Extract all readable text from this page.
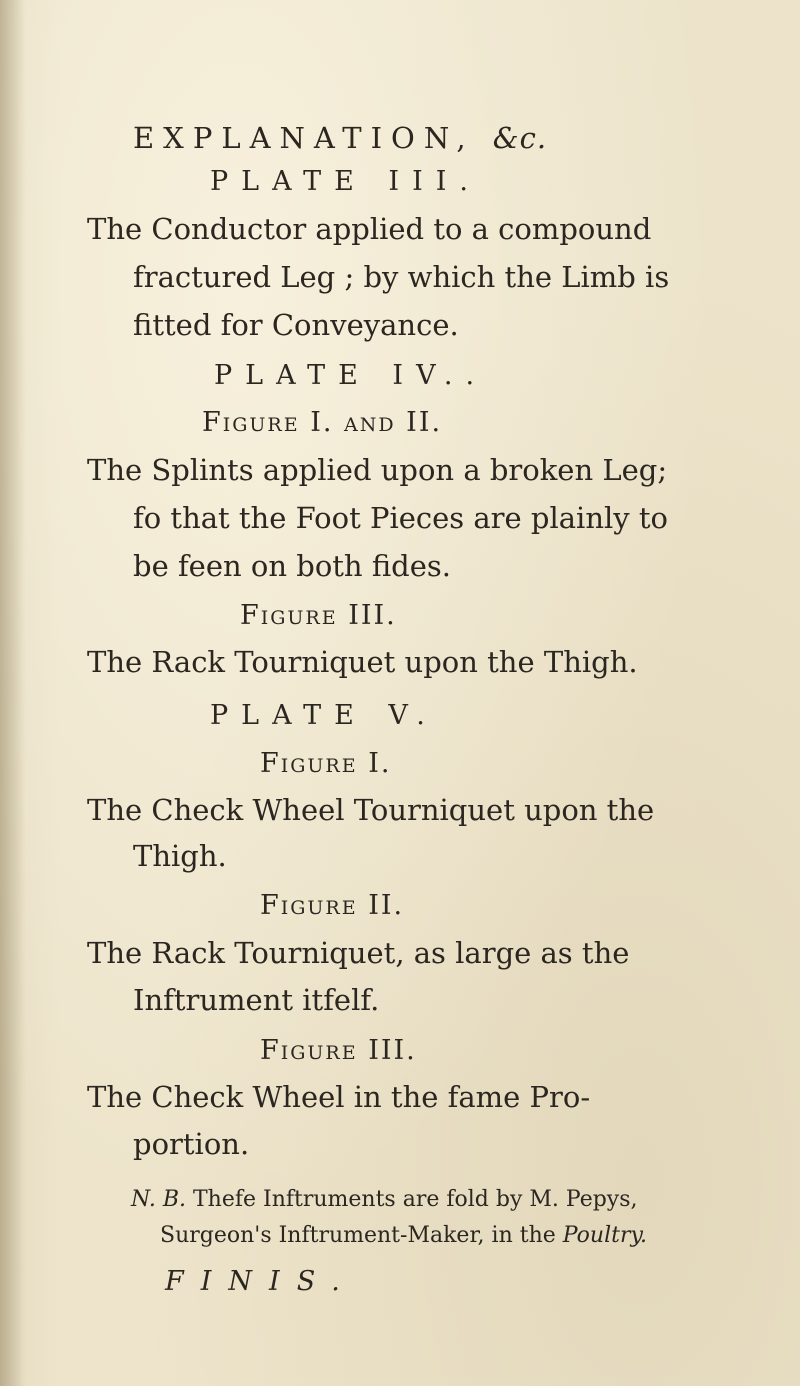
EXPLANATION, &c.
PLATE III.
The Conductor applied to a compound
fractured Leg ; by which the Limb is
fitted for Conveyance.
PLATE IV..
Figure I. and II.
The Splints applied upon a broken Leg;
fo that the Foot Pieces are plainly to
be feen on both fides.
Figure III.
The Rack Tourniquet upon the Thigh.
PLATE V.
Figure I.
The Check Wheel Tourniquet upon the
Thigh.
Figure II.
The Rack Tourniquet, as large as the
Inftrument itfelf.
Figure III.
The Check Wheel in the fame Pro-
portion.
N. B. Thefe Inftruments are fold by M. Pepys,
Surgeon's Inftrument-Maker, in the Poultry.
FINIS.
